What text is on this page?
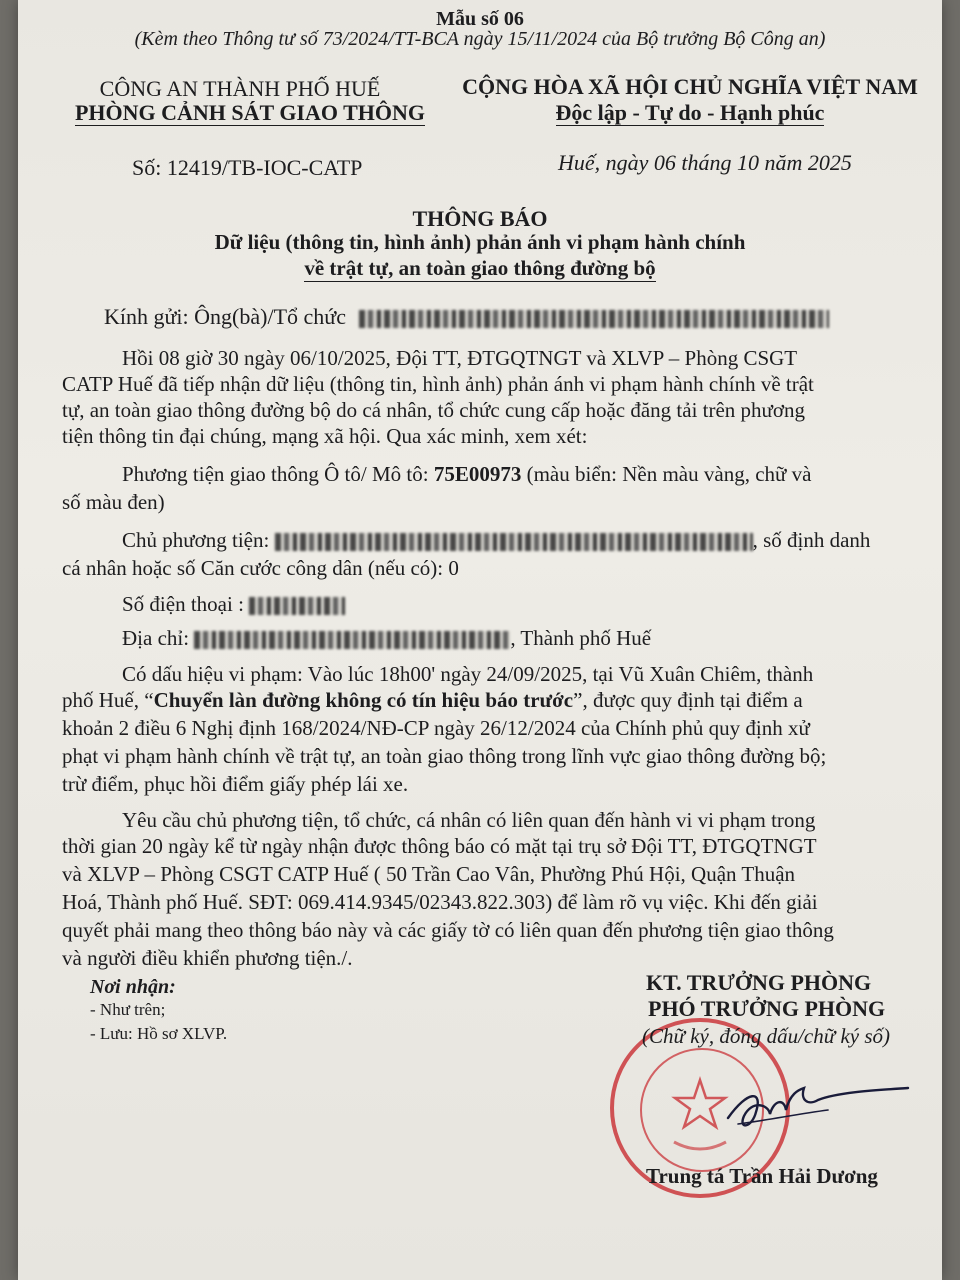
Mẫu số 06
(Kèm theo Thông tư số 73/2024/TT-BCA ngày 15/11/2024 của Bộ trưởng Bộ Công an)
CÔNG AN THÀNH PHỐ HUẾ
PHÒNG CẢNH SÁT GIAO THÔNG
CỘNG HÒA XÃ HỘI CHỦ NGHĨA VIỆT NAM
Độc lập - Tự do - Hạnh phúc
Số: 12419/TB-IOC-CATP	Huế, ngày 06 tháng 10 năm 2025
THÔNG BÁO
Dữ liệu (thông tin, hình ảnh) phản ánh vi phạm hành chính
về trật tự, an toàn giao thông đường bộ
Kính gửi: Ông(bà)/Tổ chức
Hồi 08 giờ 30 ngày 06/10/2025, Đội TT, ĐTGQTNGT và XLVP – Phòng CSGT
CATP Huế đã tiếp nhận dữ liệu (thông tin, hình ảnh) phản ánh vi phạm hành chính về trật
tự, an toàn giao thông đường bộ do cá nhân, tổ chức cung cấp hoặc đăng tải trên phương
tiện thông tin đại chúng, mạng xã hội. Qua xác minh, xem xét:
Phương tiện giao thông Ô tô/ Mô tô: 75E00973 (màu biển: Nền màu vàng, chữ và
số màu đen)
Chủ phương tiện:	, số định danh
cá nhân hoặc số Căn cước công dân (nếu có): 0
Số điện thoại :
Địa chỉ:	, Thành phố Huế
Có dấu hiệu vi phạm: Vào lúc 18h00' ngày 24/09/2025, tại Vũ Xuân Chiêm, thành
phố Huế, “Chuyển làn đường không có tín hiệu báo trước”, được quy định tại điểm a
khoản 2 điều 6 Nghị định 168/2024/NĐ-CP ngày 26/12/2024 của Chính phủ quy định xử
phạt vi phạm hành chính về trật tự, an toàn giao thông trong lĩnh vực giao thông đường bộ;
trừ điểm, phục hồi điểm giấy phép lái xe.
Yêu cầu chủ phương tiện, tổ chức, cá nhân có liên quan đến hành vi vi phạm trong
thời gian 20 ngày kể từ ngày nhận được thông báo có mặt tại trụ sở Đội TT, ĐTGQTNGT
và XLVP – Phòng CSGT CATP Huế ( 50 Trần Cao Vân, Phường Phú Hội, Quận Thuận
Hoá, Thành phố Huế. SĐT: 069.414.9345/02343.822.303) để làm rõ vụ việc. Khi đến giải
quyết phải mang theo thông báo này và các giấy tờ có liên quan đến phương tiện giao thông
và người điều khiển phương tiện./.
Nơi nhận:
- Như trên;
- Lưu: Hồ sơ XLVP.
KT. TRƯỞNG PHÒNG
PHÓ TRƯỞNG PHÒNG
(Chữ ký, đóng dấu/chữ ký số)
Trung tá Trần Hải Dương
